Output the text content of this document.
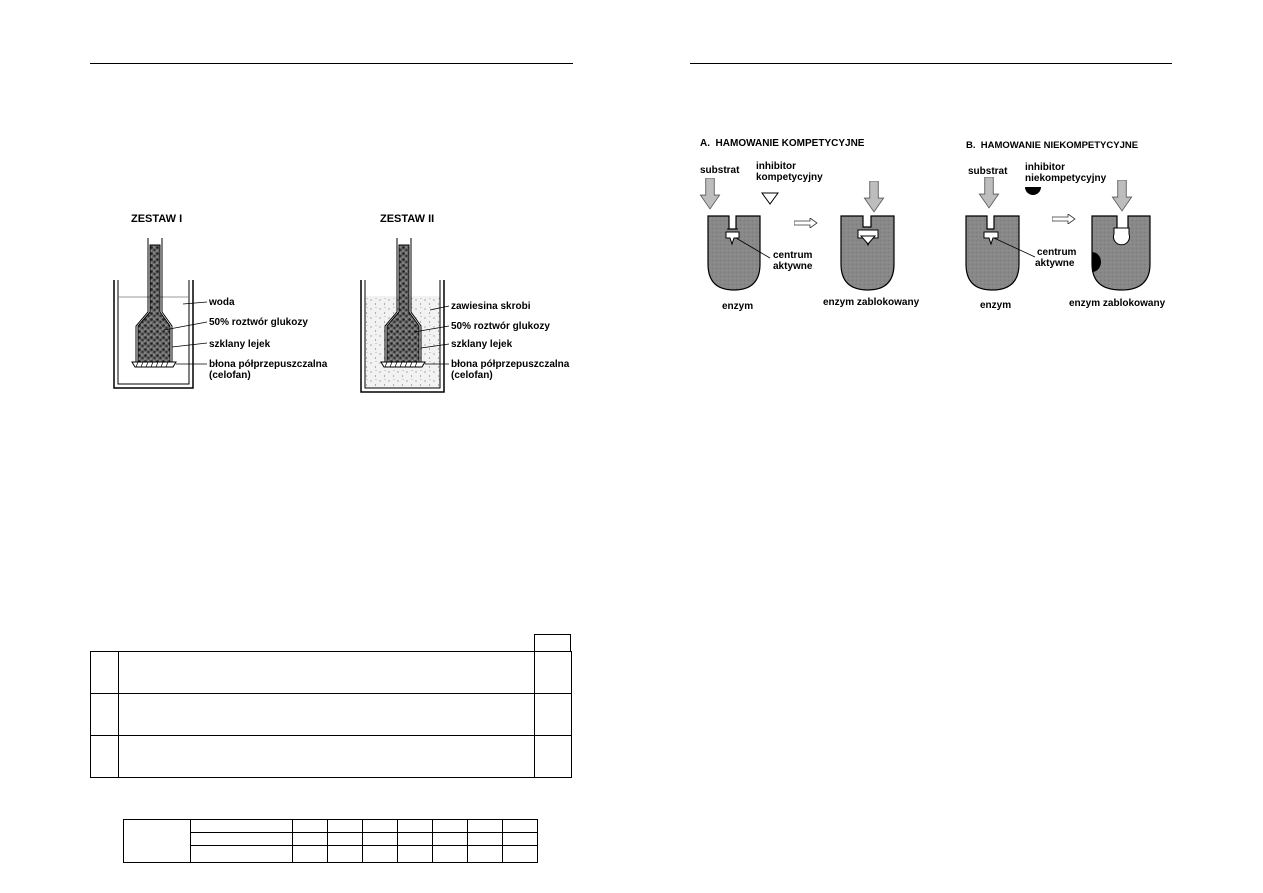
ZESTAW I
woda
50% roztwór glukozy
szklany lejek
błona półprzepuszczalna
(celofan)
ZESTAW II
zawiesina skrobi
50% roztwór glukozy
szklany lejek
błona półprzepuszczalna
(celofan)

A.  HAMOWANIE KOMPETYCYJNE
substrat inhibitor
kompetycyjny
centrum
aktywne
enzym	enzym zablokowany
B.  HAMOWANIE NIEKOMPETYCYJNE
substrat inhibitor
niekompetycyjny
centrum
aktywne
enzym	enzym zablokowany
